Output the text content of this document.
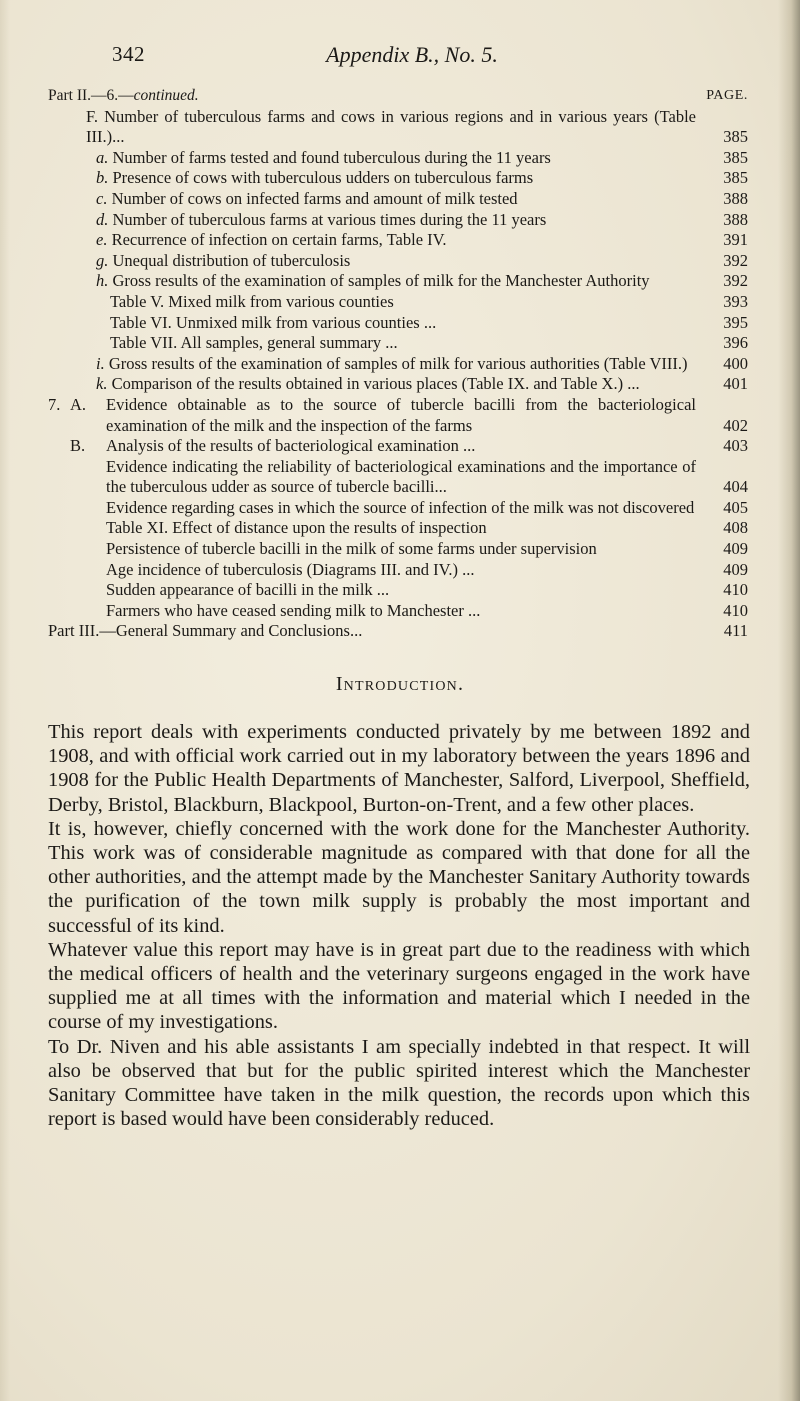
342	Appendix B., No. 5.
Part II.—6.—continued.	PAGE.
F. Number of tuberculous farms and cows in various regions and in various years (Table III.)...	385
a. Number of farms tested and found tuberculous during the 11 years	385
b. Presence of cows with tuberculous udders on tuberculous farms	385
c. Number of cows on infected farms and amount of milk tested	388
d. Number of tuberculous farms at various times during the 11 years	388
e. Recurrence of infection on certain farms, Table IV.	391
g. Unequal distribution of tuberculosis	392
h. Gross results of the examination of samples of milk for the Manchester Authority	392
Table V. Mixed milk from various counties	393
Table VI. Unmixed milk from various counties ...	395
Table VII. All samples, general summary ...	396
i. Gross results of the examination of samples of milk for various authorities (Table VIII.)	400
k. Comparison of the results obtained in various places (Table IX. and Table X.) ...	401
7. A. Evidence obtainable as to the source of tubercle bacilli from the bacteriological examination of the milk and the inspection of the farms	402
B. Analysis of the results of bacteriological examination ...	403
Evidence indicating the reliability of bacteriological examinations and the importance of the tuberculous udder as source of tubercle bacilli...	404
Evidence regarding cases in which the source of infection of the milk was not discovered	405
Table XI. Effect of distance upon the results of inspection	408
Persistence of tubercle bacilli in the milk of some farms under supervision	409
Age incidence of tuberculosis (Diagrams III. and IV.) ...	409
Sudden appearance of bacilli in the milk ...	410
Farmers who have ceased sending milk to Manchester ...	410
Part III.—General Summary and Conclusions...	411
Introduction.

This report deals with experiments conducted privately by me between 1892 and 1908, and with official work carried out in my laboratory between the years 1896 and 1908 for the Public Health Departments of Manchester, Salford, Liverpool, Sheffield, Derby, Bristol, Blackburn, Blackpool, Burton-on-Trent, and a few other places.

It is, however, chiefly concerned with the work done for the Manchester Authority. This work was of considerable magnitude as compared with that done for all the other authorities, and the attempt made by the Manchester Sanitary Authority towards the purification of the town milk supply is probably the most important and successful of its kind.

Whatever value this report may have is in great part due to the readiness with which the medical officers of health and the veterinary surgeons engaged in the work have supplied me at all times with the information and material which I needed in the course of my investigations.

To Dr. Niven and his able assistants I am specially indebted in that respect. It will also be observed that but for the public spirited interest which the Manchester Sanitary Committee have taken in the milk question, the records upon which this report is based would have been considerably reduced.
